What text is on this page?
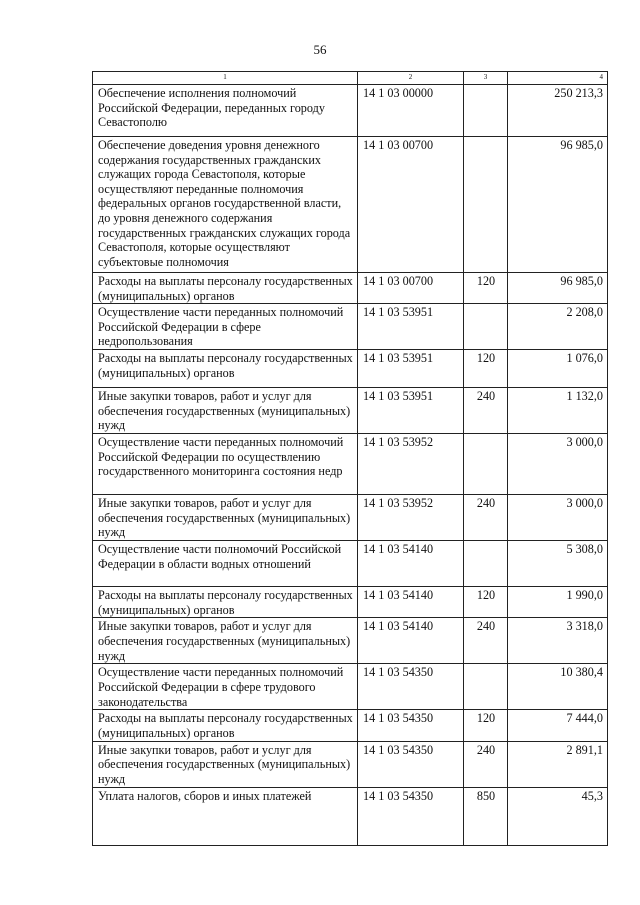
56
1	2	3	4
Обеспечение исполнения полномочий Российской Федерации, переданных городу Севастополю	14 1 03 00000		250 213,3
Обеспечение доведения уровня денежного содержания государственных гражданских служащих города Севастополя, которые осуществляют переданные полномочия федеральных органов государственной власти, до уровня денежного содержания государственных гражданских служащих города Севастополя, которые осуществляют субъектовые полномочия	14 1 03 00700		96 985,0
Расходы на выплаты персоналу государственных (муниципальных) органов	14 1 03 00700	120	96 985,0
Осуществление части переданных полномочий Российской Федерации в сфере недропользования	14 1 03 53951		2 208,0
Расходы на выплаты персоналу государственных (муниципальных) органов	14 1 03 53951	120	1 076,0
Иные закупки товаров, работ и услуг для обеспечения государственных (муниципальных) нужд	14 1 03 53951	240	1 132,0
Осуществление части переданных полномочий Российской Федерации по осуществлению государственного мониторинга состояния недр	14 1 03 53952		3 000,0
Иные закупки товаров, работ и услуг для обеспечения государственных (муниципальных) нужд	14 1 03 53952	240	3 000,0
Осуществление части полномочий Российской Федерации в области водных отношений	14 1 03 54140		5 308,0
Расходы на выплаты персоналу государственных (муниципальных) органов	14 1 03 54140	120	1 990,0
Иные закупки товаров, работ и услуг для обеспечения государственных (муниципальных) нужд	14 1 03 54140	240	3 318,0
Осуществление части переданных полномочий Российской Федерации в сфере трудового законодательства	14 1 03 54350		10 380,4
Расходы на выплаты персоналу государственных (муниципальных) органов	14 1 03 54350	120	7 444,0
Иные закупки товаров, работ и услуг для обеспечения государственных (муниципальных) нужд	14 1 03 54350	240	2 891,1
Уплата налогов, сборов и иных платежей	14 1 03 54350	850	45,3
